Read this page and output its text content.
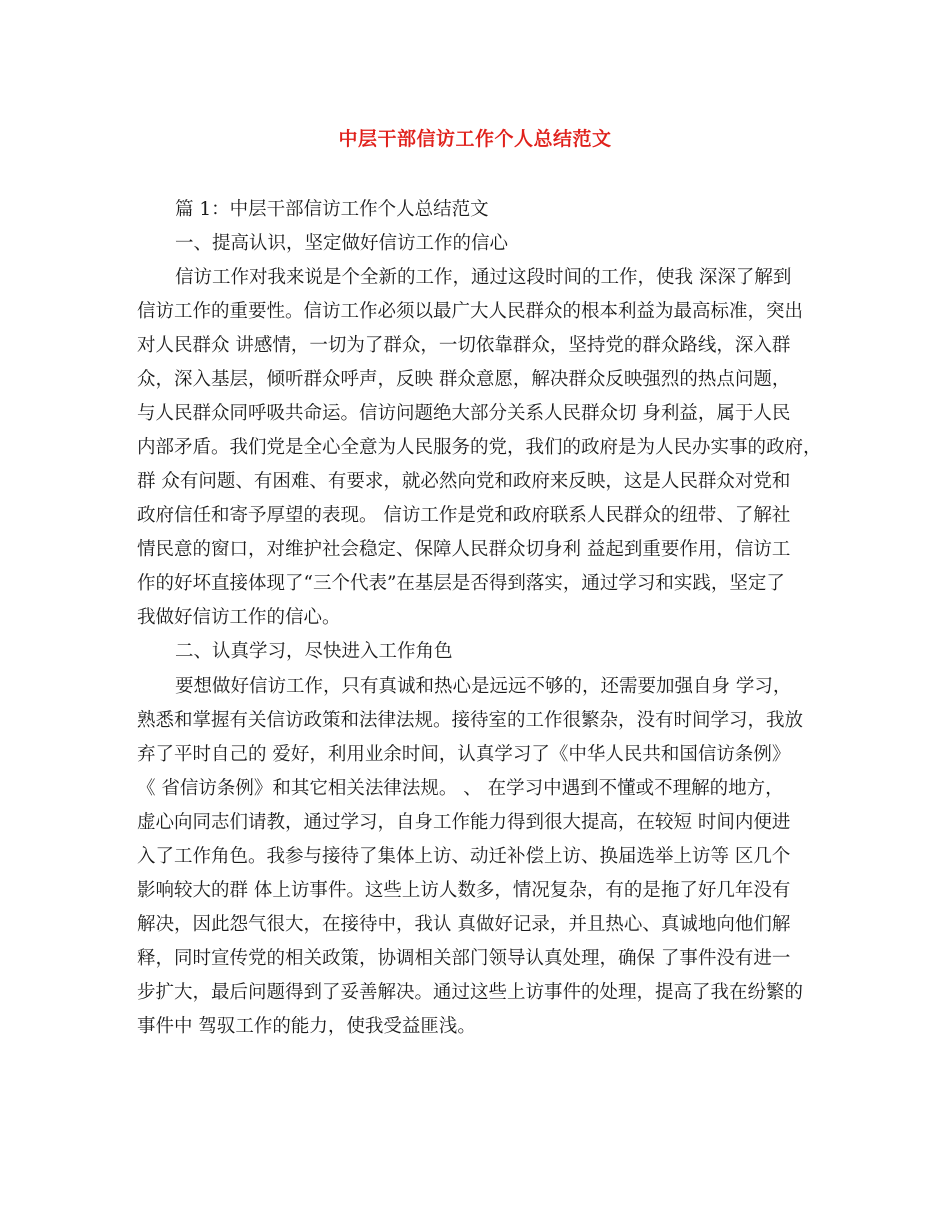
中层干部信访工作个人总结范文

篇 1：中层干部信访工作个人总结范文

一、提高认识，坚定做好信访工作的信心

信访工作对我来说是个全新的工作，通过这段时间的工作，使我 深深了解到

信访工作的重要性。信访工作必须以最广大人民群众的根本利益为最高标准，突出

对人民群众 讲感情，一切为了群众，一切依靠群众，坚持党的群众路线，深入群

众，深入基层，倾听群众呼声，反映 群众意愿，解决群众反映强烈的热点问题，

与人民群众同呼吸共命运。信访问题绝大部分关系人民群众切 身利益，属于人民

内部矛盾。我们党是全心全意为人民服务的党，我们的政府是为人民办实事的政府，

群 众有问题、有困难、有要求，就必然向党和政府来反映，这是人民群众对党和

政府信任和寄予厚望的表现。 信访工作是党和政府联系人民群众的纽带、了解社

情民意的窗口，对维护社会稳定、保障人民群众切身利 益起到重要作用，信访工

作的好坏直接体现了“三个代表”在基层是否得到落实，通过学习和实践，坚定了

我做好信访工作的信心。

二、认真学习，尽快进入工作角色

要想做好信访工作，只有真诚和热心是远远不够的，还需要加强自身 学习，

熟悉和掌握有关信访政策和法律法规。接待室的工作很繁杂，没有时间学习，我放

弃了平时自己的 爱好，利用业余时间，认真学习了《中华人民共和国信访条例》

《 省信访条例》和其它相关法律法规。 、 在学习中遇到不懂或不理解的地方，

虚心向同志们请教，通过学习，自身工作能力得到很大提高，在较短 时间内便进

入了工作角色。我参与接待了集体上访、动迁补偿上访、换届选举上访等 区几个

影响较大的群 体上访事件。这些上访人数多，情况复杂，有的是拖了好几年没有

解决，因此怨气很大，在接待中，我认 真做好记录，并且热心、真诚地向他们解

释，同时宣传党的相关政策，协调相关部门领导认真处理，确保 了事件没有进一

步扩大，最后问题得到了妥善解决。通过这些上访事件的处理，提高了我在纷繁的

事件中 驾驭工作的能力，使我受益匪浅。
